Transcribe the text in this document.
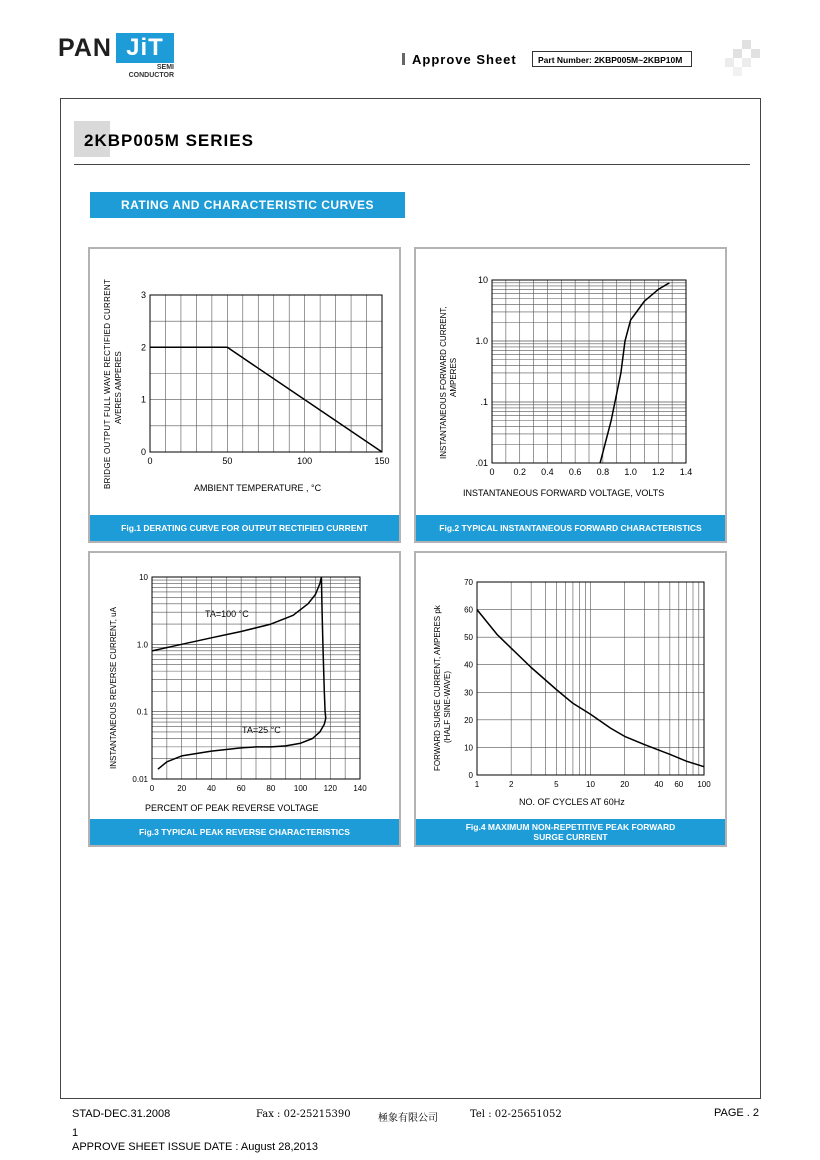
PAN JiT
SEMI
CONDUCTOR
Approve Sheet	Part Number: 2KBP005M~2KBP10M
2KBP005M SERIES
RATING AND CHARACTERISTIC CURVES
BRIDGE OUTPUT FULL WAVE RECTIFIED CURRENT AVERES AMPERES
AMBIENT TEMPERATURE , °C
0	50	100	150
0
1
2
3
Fig.1 DERATING CURVE FOR OUTPUT RECTIFIED CURRENT
INSTANTANEOUS FORWARD CURRENT, AMPERES
INSTANTANEOUS FORWARD VOLTAGE, VOLTS
0 0.2 0.4 0.6 0.8 1.0 1.2 1.4
.01
.1
1.0
10
Fig.2 TYPICAL INSTANTANEOUS FORWARD CHARACTERISTICS
INSTANTANEOUS REVERSE CURRENT, uA
PERCENT OF PEAK REVERSE VOLTAGE
TA=100 °C
TA=25 °C
0	20	40	60	80 100 120 140
0.01
0.1
1.0
10
Fig.3 TYPICAL PEAK REVERSE CHARACTERISTICS
FORWARD SURGE CURRENT, AMPERES pk (HALF SINE-WAVE)
NO. OF CYCLES AT 60Hz
1	2	5	10	20	40 60 100
0
10
20
30
40
50
60
70
Fig.4 MAXIMUM NON-REPETITIVE PEAK FORWARD
SURGE CURRENT
STAD-DEC.31.2008	Fax : 02-25215390	極象有限公司	Tel : 02-25651052	PAGE . 2
1
APPROVE SHEET ISSUE DATE : August 28,2013
